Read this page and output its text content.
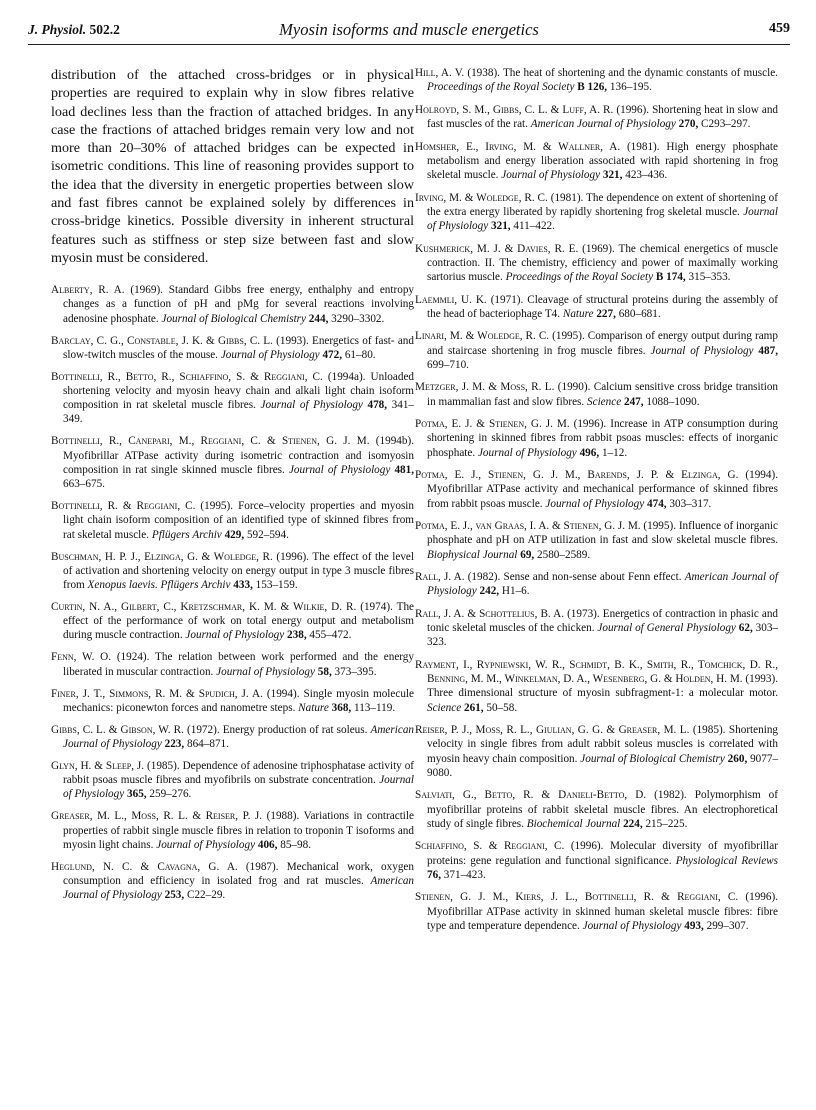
J. Physiol. 502.2	Myosin isoforms and muscle energetics	459

distribution of the attached cross-bridges or in physical properties are required to explain why in slow fibres relative load declines less than the fraction of attached bridges. In any case the fractions of attached bridges remain very low and not more than 20–30% of attached bridges can be expected in isometric conditions. This line of reasoning provides support to the idea that the diversity in energetic properties between slow and fast fibres cannot be explained solely by differences in cross-bridge kinetics. Possible diversity in inherent structural features such as stiffness or step size between fast and slow myosin must be considered.

Alberty, R. A. (1969). Standard Gibbs free energy, enthalphy and entropy changes as a function of pH and pMg for several reactions involving adenosine phosphate. Journal of Biological Chemistry 244, 3290–3302.
Barclay, C. G., Constable, J. K. & Gibbs, C. L. (1993). Energetics of fast- and slow-twitch muscles of the mouse. Journal of Physiology 472, 61–80.
Bottinelli, R., Betto, R., Schiaffino, S. & Reggiani, C. (1994a). Unloaded shortening velocity and myosin heavy chain and alkali light chain isoform composition in rat skeletal muscle fibres. Journal of Physiology 478, 341–349.
Bottinelli, R., Canepari, M., Reggiani, C. & Stienen, G. J. M. (1994b). Myofibrillar ATPase activity during isometric contraction and isomyosin composition in rat single skinned muscle fibres. Journal of Physiology 481, 663–675.
Bottinelli, R. & Reggiani, C. (1995). Force–velocity properties and myosin light chain isoform composition of an identified type of skinned fibres from rat skeletal muscle. Pflügers Archiv 429, 592–594.
Buschman, H. P. J., Elzinga, G. & Woledge, R. (1996). The effect of the level of activation and shortening velocity on energy output in type 3 muscle fibres from Xenopus laevis. Pflügers Archiv 433, 153–159.
Curtin, N. A., Gilbert, C., Kretzschmar, K. M. & Wilkie, D. R. (1974). The effect of the performance of work on total energy output and metabolism during muscle contraction. Journal of Physiology 238, 455–472.
Fenn, W. O. (1924). The relation between work performed and the energy liberated in muscular contraction. Journal of Physiology 58, 373–395.
Finer, J. T., Simmons, R. M. & Spudich, J. A. (1994). Single myosin molecule mechanics: piconewton forces and nanometre steps. Nature 368, 113–119.
Gibbs, C. L. & Gibson, W. R. (1972). Energy production of rat soleus. American Journal of Physiology 223, 864–871.
Glyn, H. & Sleep, J. (1985). Dependence of adenosine triphosphatase activity of rabbit psoas muscle fibres and myofibrils on substrate concentration. Journal of Physiology 365, 259–276.
Greaser, M. L., Moss, R. L. & Reiser, P. J. (1988). Variations in contractile properties of rabbit single muscle fibres in relation to troponin T isoforms and myosin light chains. Journal of Physiology 406, 85–98.
Heglund, N. C. & Cavagna, G. A. (1987). Mechanical work, oxygen consumption and efficiency in isolated frog and rat muscles. American Journal of Physiology 253, C22–29.
Hill, A. V. (1938). The heat of shortening and the dynamic constants of muscle. Proceedings of the Royal Society B 126, 136–195.
Holroyd, S. M., Gibbs, C. L. & Luff, A. R. (1996). Shortening heat in slow and fast muscles of the rat. American Journal of Physiology 270, C293–297.
Homsher, E., Irving, M. & Wallner, A. (1981). High energy phosphate metabolism and energy liberation associated with rapid shortening in frog skeletal muscle. Journal of Physiology 321, 423–436.
Irving, M. & Woledge, R. C. (1981). The dependence on extent of shortening of the extra energy liberated by rapidly shortening frog skeletal muscle. Journal of Physiology 321, 411–422.
Kushmerick, M. J. & Davies, R. E. (1969). The chemical energetics of muscle contraction. II. The chemistry, efficiency and power of maximally working sartorius muscle. Proceedings of the Royal Society B 174, 315–353.
Laemmli, U. K. (1971). Cleavage of structural proteins during the assembly of the head of bacteriophage T4. Nature 227, 680–681.
Linari, M. & Woledge, R. C. (1995). Comparison of energy output during ramp and staircase shortening in frog muscle fibres. Journal of Physiology 487, 699–710.
Metzger, J. M. & Moss, R. L. (1990). Calcium sensitive cross bridge transition in mammalian fast and slow fibres. Science 247, 1088–1090.
Potma, E. J. & Stienen, G. J. M. (1996). Increase in ATP consumption during shortening in skinned fibres from rabbit psoas muscles: effects of inorganic phosphate. Journal of Physiology 496, 1–12.
Potma, E. J., Stienen, G. J. M., Barends, J. P. & Elzinga, G. (1994). Myofibrillar ATPase activity and mechanical performance of skinned fibres from rabbit psoas muscle. Journal of Physiology 474, 303–317.
Potma, E. J., van Graas, I. A. & Stienen, G. J. M. (1995). Influence of inorganic phosphate and pH on ATP utilization in fast and slow skeletal muscle fibres. Biophysical Journal 69, 2580–2589.
Rall, J. A. (1982). Sense and non-sense about Fenn effect. American Journal of Physiology 242, H1–6.
Rall, J. A. & Schottelius, B. A. (1973). Energetics of contraction in phasic and tonic skeletal muscles of the chicken. Journal of General Physiology 62, 303–323.
Rayment, I., Rypniewski, W. R., Schmidt, B. K., Smith, R., Tomchick, D. R., Benning, M. M., Winkelman, D. A., Wesenberg, G. & Holden, H. M. (1993). Three dimensional structure of myosin subfragment-1: a molecular motor. Science 261, 50–58.
Reiser, P. J., Moss, R. L., Giulian, G. G. & Greaser, M. L. (1985). Shortening velocity in single fibres from adult rabbit soleus muscles is correlated with myosin heavy chain composition. Journal of Biological Chemistry 260, 9077–9080.
Salviati, G., Betto, R. & Danieli-Betto, D. (1982). Polymorphism of myofibrillar proteins of rabbit skeletal muscle fibres. An electrophoretical study of single fibres. Biochemical Journal 224, 215–225.
Schiaffino, S. & Reggiani, C. (1996). Molecular diversity of myofibrillar proteins: gene regulation and functional significance. Physiological Reviews 76, 371–423.
Stienen, G. J. M., Kiers, J. L., Bottinelli, R. & Reggiani, C. (1996). Myofibrillar ATPase activity in skinned human skeletal muscle fibres: fibre type and temperature dependence. Journal of Physiology 493, 299–307.
